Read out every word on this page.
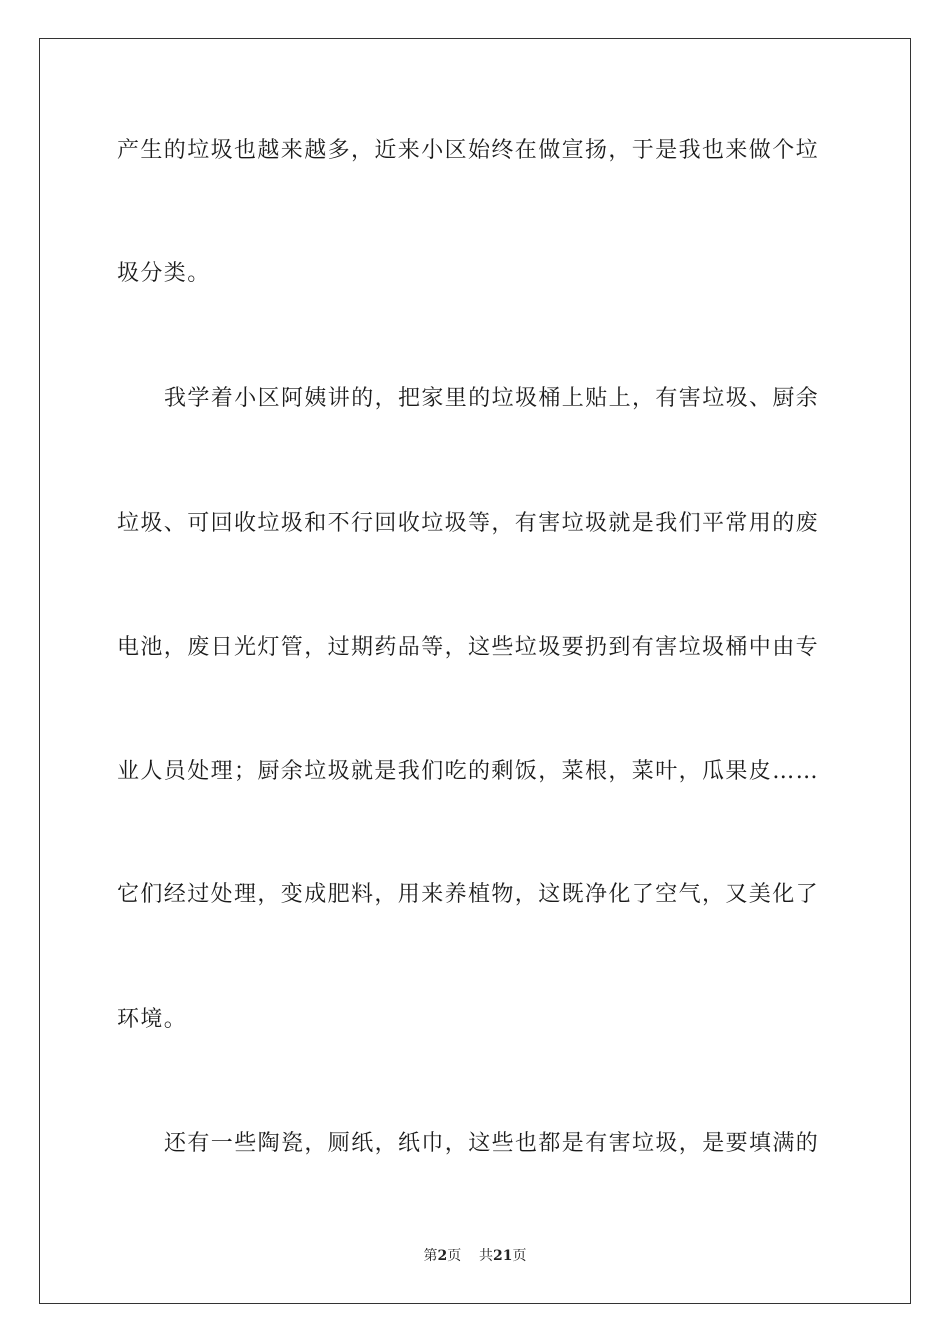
产生的垃圾也越来越多，近来小区始终在做宣扬，于是我也来做个垃
圾分类。
我学着小区阿姨讲的，把家里的垃圾桶上贴上，有害垃圾、厨余
垃圾、可回收垃圾和不行回收垃圾等，有害垃圾就是我们平常用的废
电池，废日光灯管，过期药品等，这些垃圾要扔到有害垃圾桶中由专
业人员处理；厨余垃圾就是我们吃的剩饭，菜根，菜叶，瓜果皮……
它们经过处理，变成肥料，用来养植物，这既净化了空气，又美化了
环境。
还有一些陶瓷，厕纸，纸巾，这些也都是有害垃圾，是要填满的
第2页 共21页
